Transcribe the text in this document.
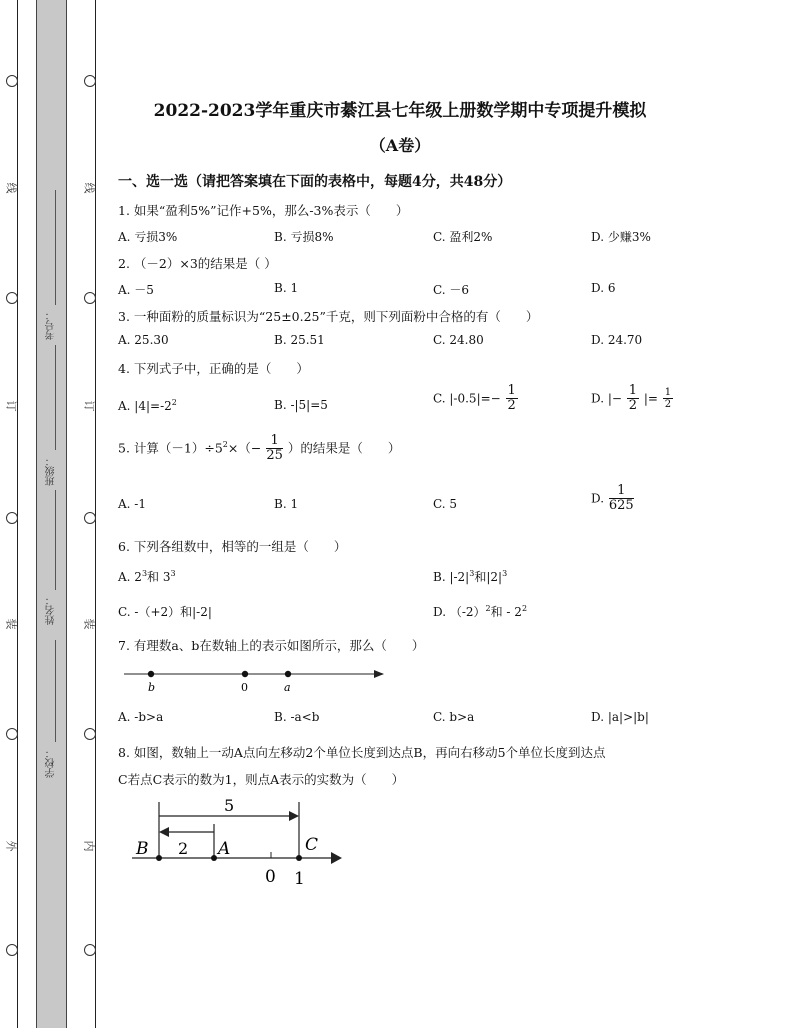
线
订
装
外
线
订
装
内
考号：
班级：
姓名：
学校：
2022-2023学年重庆市綦江县七年级上册数学期中专项提升模拟
（A卷）
一、选一选（请把答案填在下面的表格中，每题4分，共48分）
1. 如果“盈利5%”记作+5%，那么-3%表示（　　）
A. 亏损3%	B. 亏损8%	C. 盈利2%	D. 少赚3%
2. （－2）×3的结果是（ ）
A. －5	B. 1	C. －6	D. 6
3. 一种面粉的质量标识为“25±0.25”千克，则下列面粉中合格的有（　　）
A. 25.30	B. 25.51	C. 24.80	D. 24.70
4. 下列式子中，正确的是（　　）
A. $|4|=-2^2$	B. -|5|=5	C. $|-0.5|=- \frac{1}{2}$	D. |− $\frac{1}{2}$ |= $\frac{1}{2}$
5. 计算$(-1)\div 5^2\times(- \frac{1}{25}$ ）的结果是（　　）
A. -1	B. 1	C. 5	D. $\frac{1}{625}$
6. 下列各组数中，相等的一组是（　　）
A. $2^3$和 $3^3$	B. $|-2|^3$和$|2|^3$
C. -（+2）和|-2|	D. $(-2)^2$和 - $2^2$
7. 有理数a、b在数轴上的表示如图所示，那么（　　）
b	0	a
A. -b>a	B. -a<b	C. b>a	D. |a|>|b|
8. 如图，数轴上一动A点向左移动2个单位长度到达点B，再向右移动5个单位长度到达点
C若点C表示的数为1，则点A表示的实数为（　　）
5
2
B	A	C
0 1
